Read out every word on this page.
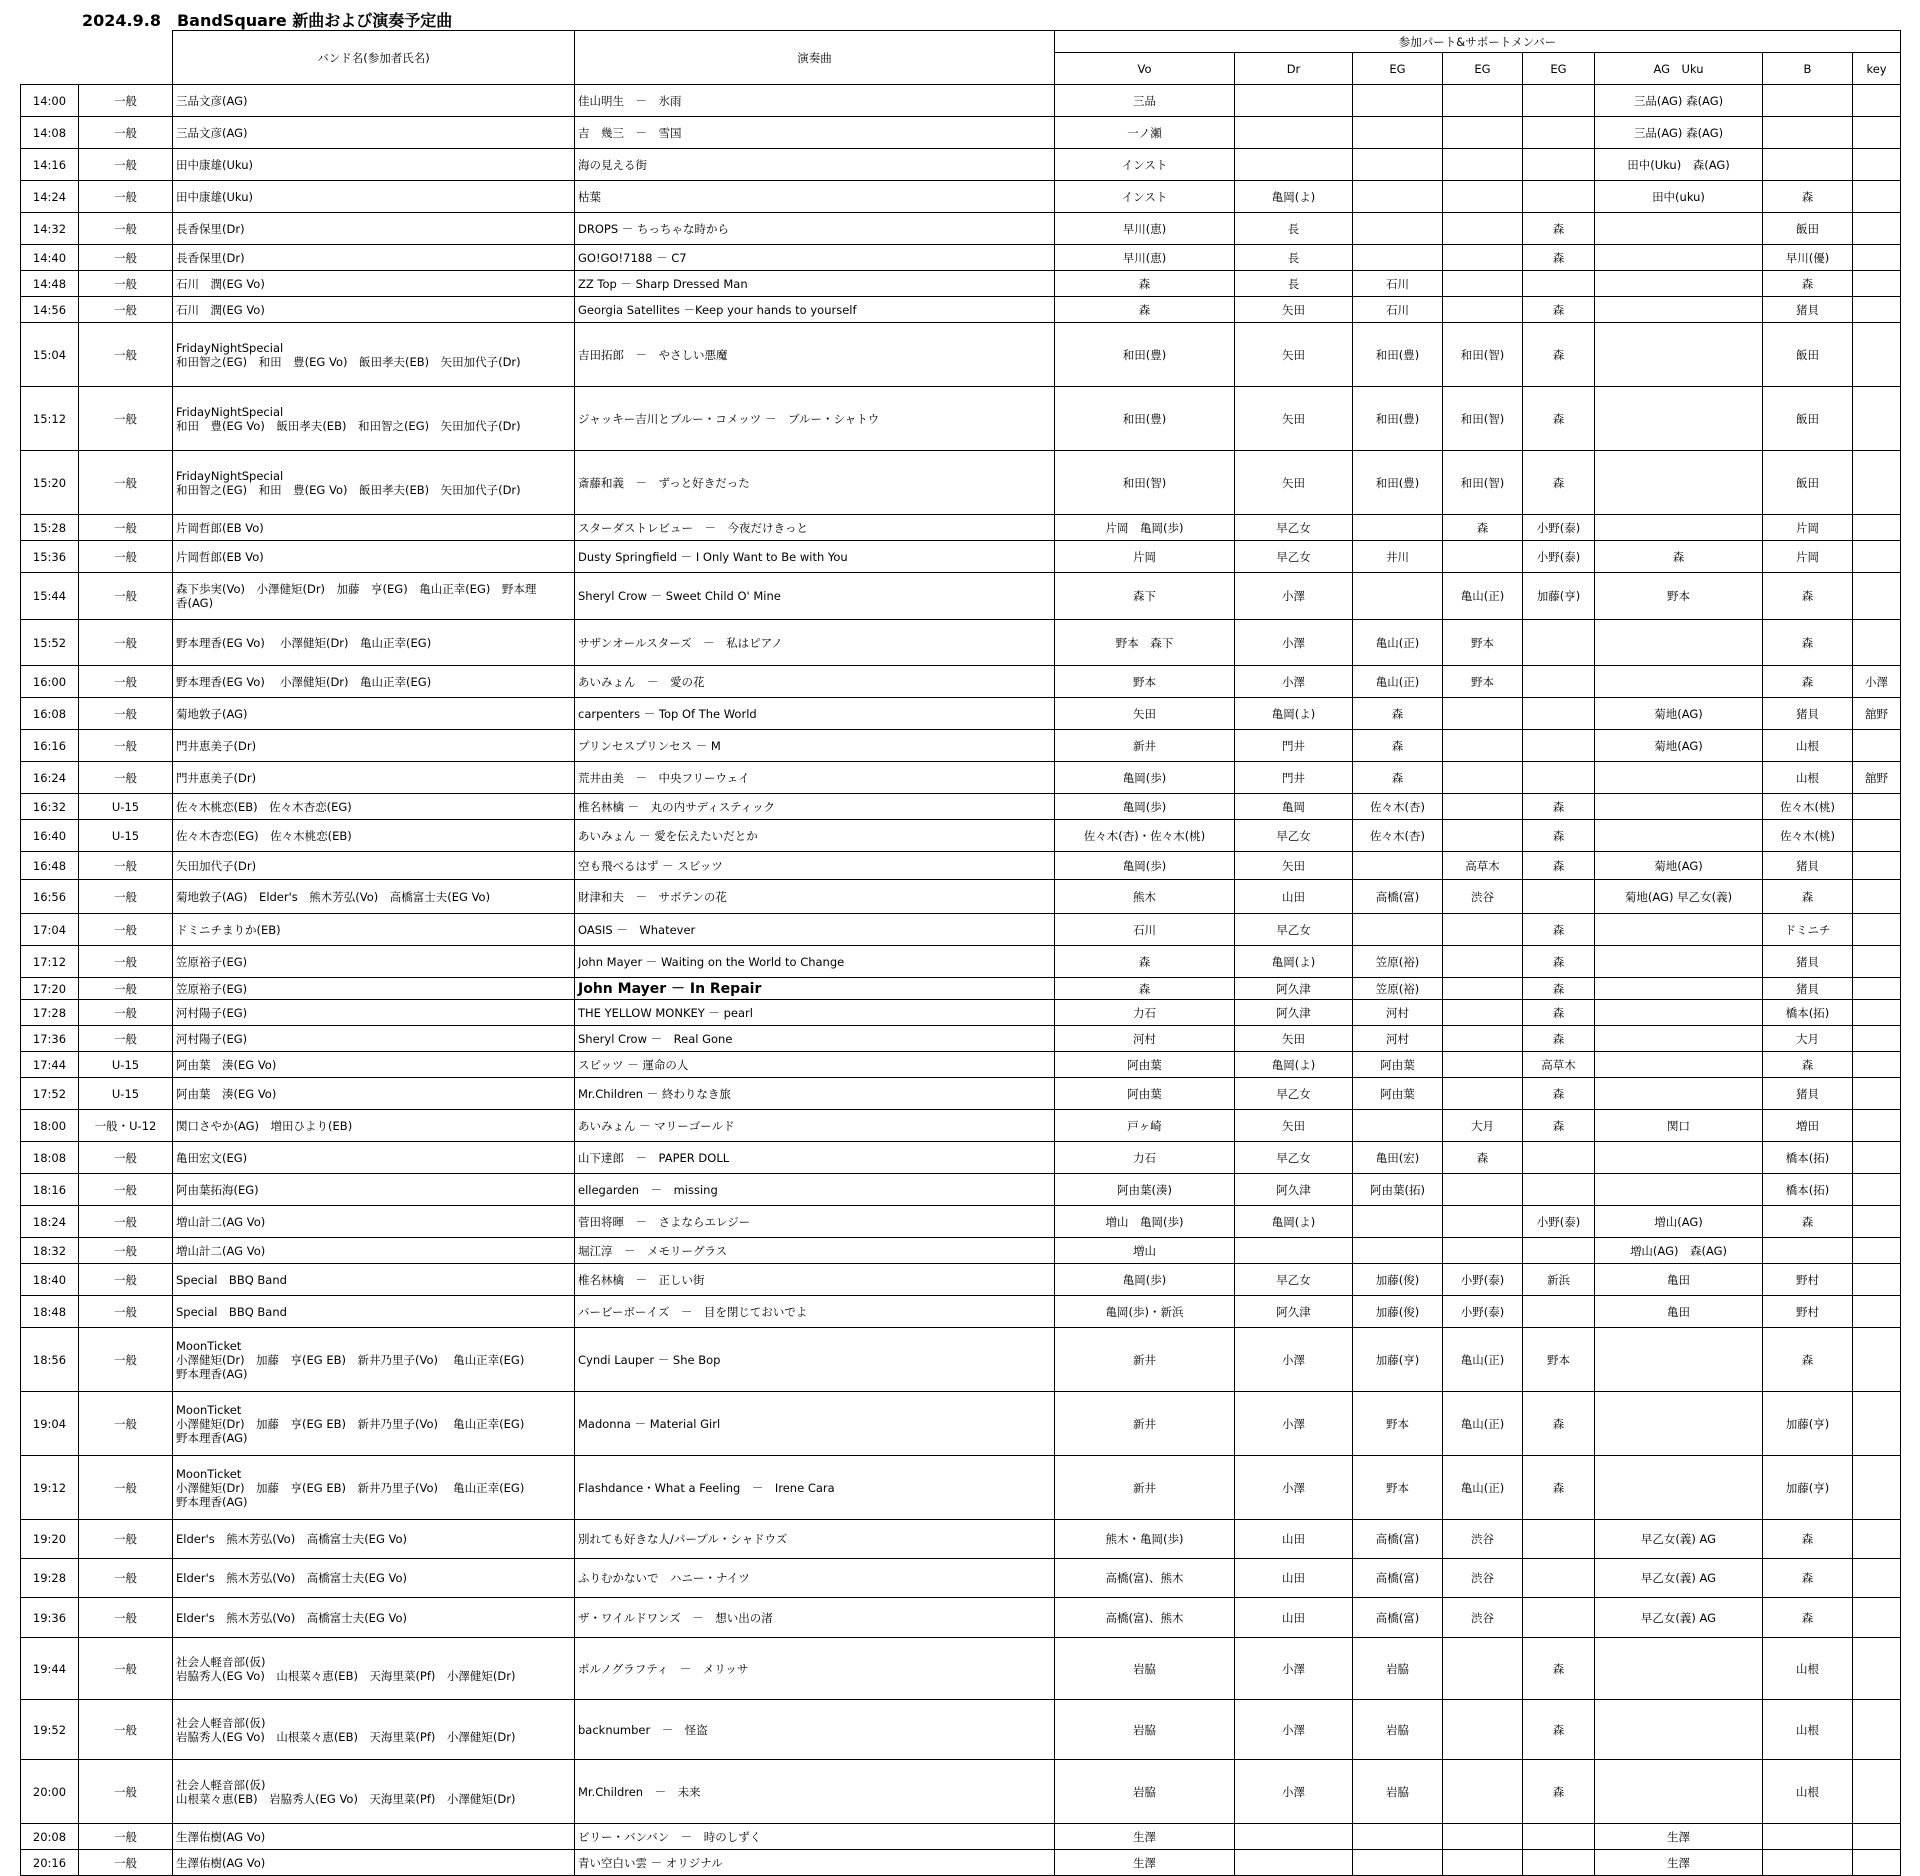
2024.9.8　BandSquare 新曲および演奏予定曲
		バンド名(参加者氏名)	演奏曲	参加パート&サポートメンバー							
				Vo	Dr	EG	EG	EG	AG　Uku	B	key
14:00	一般	三品文彦(AG)	佳山明生　－　氷雨	三品					三品(AG) 森(AG)		
14:08	一般	三品文彦(AG)	吉　幾三　－　雪国	一ノ瀬					三品(AG) 森(AG)		
14:16	一般	田中康雄(Uku)	海の見える街	インスト					田中(Uku)　森(AG)		
14:24	一般	田中康雄(Uku)	枯葉	インスト	亀岡(よ)				田中(uku)	森	
14:32	一般	長香保里(Dr)	DROPS － ちっちゃな時から	早川(恵)	長			森		飯田	
14:40	一般	長香保里(Dr)	GO!GO!7188 － C7	早川(恵)	長			森		早川(優)	
14:48	一般	石川　潤(EG Vo)	ZZ Top － Sharp Dressed Man	森	長	石川				森	
14:56	一般	石川　潤(EG Vo)	Georgia Satellites －Keep your hands to yourself	森	矢田	石川		森		猪貝	
15:04	一般	FridayNightSpecial
和田智之(EG)　和田　豊(EG Vo)　飯田孝夫(EB)　矢田加代子(Dr)	吉田拓郎　－　やさしい悪魔	和田(豊)	矢田	和田(豊)	和田(智)	森		飯田	
15:12	一般	FridayNightSpecial
和田　豊(EG Vo)　飯田孝夫(EB)　和田智之(EG)　矢田加代子(Dr)	ジャッキー吉川とブルー・コメッツ －　ブルー・シャトウ	和田(豊)	矢田	和田(豊)	和田(智)	森		飯田	
15:20	一般	FridayNightSpecial
和田智之(EG)　和田　豊(EG Vo)　飯田孝夫(EB)　矢田加代子(Dr)	斎藤和義　－　ずっと好きだった	和田(智)	矢田	和田(豊)	和田(智)	森		飯田	
15:28	一般	片岡哲郎(EB Vo)	スターダストレビュー　－　今夜だけきっと	片岡　亀岡(歩)	早乙女		森	小野(泰)		片岡	
15:36	一般	片岡哲郎(EB Vo)	Dusty Springfield － I Only Want to Be with You	片岡	早乙女	井川		小野(泰)	森	片岡	
15:44	一般	森下歩実(Vo)　小澤健矩(Dr)　加藤　亨(EG)　亀山正幸(EG)　野本理
香(AG)	Sheryl Crow － Sweet Child O' Mine	森下	小澤		亀山(正)	加藤(亨)	野本	森	
15:52	一般	野本理香(EG Vo)　 小澤健矩(Dr)　亀山正幸(EG)	サザンオールスターズ　－　私はピアノ	野本　森下	小澤	亀山(正)	野本			森	
16:00	一般	野本理香(EG Vo)　 小澤健矩(Dr)　亀山正幸(EG)	あいみょん　－　愛の花	野本	小澤	亀山(正)	野本			森	小澤
16:08	一般	菊地敦子(AG)	carpenters － Top Of The World	矢田	亀岡(よ)	森			菊地(AG)	猪貝	舘野
16:16	一般	門井恵美子(Dr)	プリンセスプリンセス － M	新井	門井	森			菊地(AG)	山根	
16:24	一般	門井恵美子(Dr)	荒井由美　－　中央フリーウェイ	亀岡(歩)	門井	森				山根	舘野
16:32	U-15	佐々木桃恋(EB)　佐々木杏恋(EG)	椎名林檎 －　丸の内サディスティック	亀岡(歩)	亀岡	佐々木(杏)		森		佐々木(桃)	
16:40	U-15	佐々木杏恋(EG)　佐々木桃恋(EB)	あいみょん － 愛を伝えたいだとか	佐々木(杏)・佐々木(桃)	早乙女	佐々木(杏)		森		佐々木(桃)	
16:48	一般	矢田加代子(Dr)	空も飛べるはず － スピッツ	亀岡(歩)	矢田		高草木	森	菊地(AG)	猪貝	
16:56	一般	菊地敦子(AG)　Elder's　熊木芳弘(Vo)　高橋富士夫(EG Vo)	財津和夫　－　サボテンの花	熊木	山田	高橋(富)	渋谷		菊地(AG) 早乙女(義)	森	
17:04	一般	ドミニチまりか(EB)	OASIS －　Whatever	石川	早乙女			森		ドミニチ	
17:12	一般	笠原裕子(EG)	John Mayer － Waiting on the World to Change	森	亀岡(よ)	笠原(裕)		森		猪貝	
17:20	一般	笠原裕子(EG)	John Mayer － In Repair	森	阿久津	笠原(裕)		森		猪貝	
17:28	一般	河村陽子(EG)	THE YELLOW MONKEY － pearl	力石	阿久津	河村		森		橋本(拓)	
17:36	一般	河村陽子(EG)	Sheryl Crow －　Real Gone	河村	矢田	河村		森		大月	
17:44	U-15	阿由葉　湊(EG Vo)	スピッツ － 運命の人	阿由葉	亀岡(よ)	阿由葉		高草木		森	
17:52	U-15	阿由葉　湊(EG Vo)	Mr.Children － 終わりなき旅	阿由葉	早乙女	阿由葉		森		猪貝	
18:00	一般・U-12	関口さやか(AG)　増田ひより(EB)	あいみょん － マリーゴールド	戸ヶ崎	矢田		大月	森	関口	増田	
18:08	一般	亀田宏文(EG)	山下達郎　－　PAPER DOLL	力石	早乙女	亀田(宏)	森			橋本(拓)	
18:16	一般	阿由葉拓海(EG)	ellegarden　－　missing	阿由葉(湊)	阿久津	阿由葉(拓)				橋本(拓)	
18:24	一般	増山計二(AG Vo)	菅田将暉　－　さよならエレジー	増山　亀岡(歩)	亀岡(よ)			小野(泰)	増山(AG)	森	
18:32	一般	増山計二(AG Vo)	堀江淳　－　メモリーグラス	増山					増山(AG)　森(AG)		
18:40	一般	Special　BBQ Band	椎名林檎　－　正しい街	亀岡(歩)	早乙女	加藤(俊)	小野(泰)	新浜	亀田	野村	
18:48	一般	Special　BBQ Band	バービーボーイズ　－　目を閉じておいでよ	亀岡(歩)・新浜	阿久津	加藤(俊)	小野(泰)		亀田	野村	
18:56	一般	MoonTicket
小澤健矩(Dr)　加藤　亨(EG EB)　新井乃里子(Vo)　 亀山正幸(EG)
野本理香(AG)	Cyndi Lauper － She Bop	新井	小澤	加藤(亨)	亀山(正)	野本		森	
19:04	一般	MoonTicket
小澤健矩(Dr)　加藤　亨(EG EB)　新井乃里子(Vo)　 亀山正幸(EG)
野本理香(AG)	Madonna － Material Girl	新井	小澤	野本	亀山(正)	森		加藤(亨)	
19:12	一般	MoonTicket
小澤健矩(Dr)　加藤　亨(EG EB)　新井乃里子(Vo)　 亀山正幸(EG)
野本理香(AG)	Flashdance・What a Feeling　－　Irene Cara	新井	小澤	野本	亀山(正)	森		加藤(亨)	
19:20	一般	Elder's　熊木芳弘(Vo)　高橋富士夫(EG Vo)	別れても好きな人/パープル・シャドウズ	熊木・亀岡(歩)	山田	高橋(富)	渋谷		早乙女(義) AG	森	
19:28	一般	Elder's　熊木芳弘(Vo)　高橋富士夫(EG Vo)	ふりむかないで　ハニー・ナイツ	高橋(富)、熊木	山田	高橋(富)	渋谷		早乙女(義) AG	森	
19:36	一般	Elder's　熊木芳弘(Vo)　高橋富士夫(EG Vo)	ザ・ワイルドワンズ　－　想い出の渚	高橋(富)、熊木	山田	高橋(富)	渋谷		早乙女(義) AG	森	
19:44	一般	社会人軽音部(仮)
岩脇秀人(EG Vo)　山根菜々恵(EB)　天海里菜(Pf)　小澤健矩(Dr)	ポルノグラフティ　－　メリッサ	岩脇	小澤	岩脇		森		山根	
19:52	一般	社会人軽音部(仮)
岩脇秀人(EG Vo)　山根菜々恵(EB)　天海里菜(Pf)　小澤健矩(Dr)	backnumber　－　怪盗	岩脇	小澤	岩脇		森		山根	
20:00	一般	社会人軽音部(仮)
山根菜々恵(EB)　岩脇秀人(EG Vo)　天海里菜(Pf)　小澤健矩(Dr)	Mr.Children　－　未来	岩脇	小澤	岩脇		森		山根	
20:08	一般	生澤佑樹(AG Vo)	ビリー・バンバン　－　時のしずく	生澤					生澤		
20:16	一般	生澤佑樹(AG Vo)	青い空白い雲 － オリジナル	生澤					生澤		
